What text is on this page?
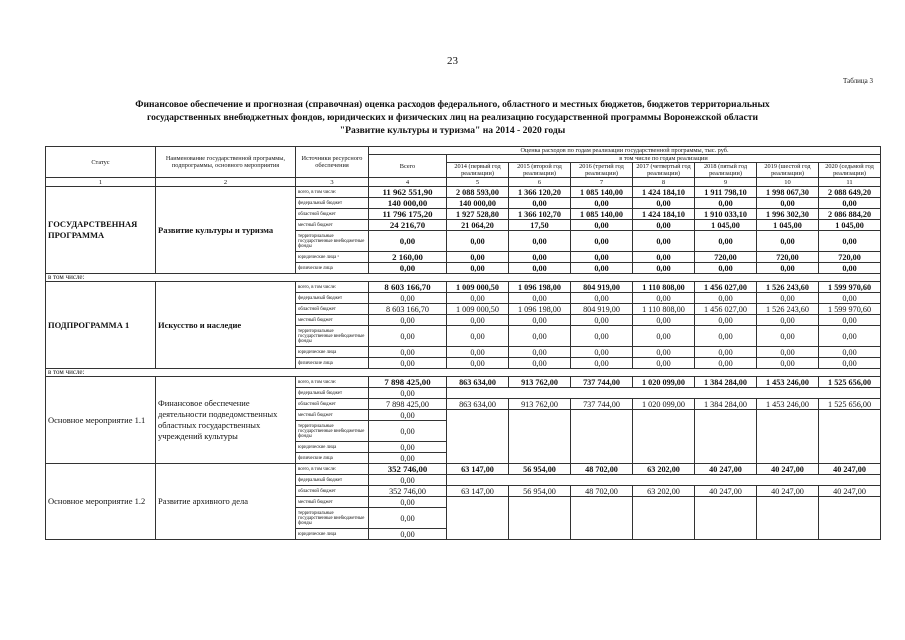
23
Таблица 3
Финансовое обеспечение и прогнозная (справочная) оценка расходов федерального, областного и местных бюджетов, бюджетов территориальных
государственных внебюджетных фондов, юридических и физических лиц на реализацию государственной программы Воронежской области
"Развитие культуры и туризма" на 2014 - 2020 годы
Статус	Наименование государственной программы, подпрограммы, основного мероприятия	Источники ресурсного обеспечения	Оценка расходов по годам реализации государственной программы, тыс. руб.							
			Всего	в том числе по годам реализации						
				2014 (первый год реализации)	2015 (второй год реализации)	2016 (третий год реализации)	2017 (четвертый год реализации)	2018 (пятый год реализации)	2019 (шестой год реализации)	2020 (седьмой год реализации)
1	2	3	4	5	6	7	8	9	10	11
ГОСУДАРСТВЕННАЯ ПРОГРАММА	Развитие культуры и туризма	всего, в том числе:	11 962 551,90	2 088 593,00	1 366 120,20	1 085 140,00	1 424 184,10	1 911 798,10	1 998 067,30	2 088 649,20
		федеральный бюджет	140 000,00	140 000,00	0,00	0,00	0,00	0,00	0,00	0,00
		областной бюджет	11 796 175,20	1 927 528,80	1 366 102,70	1 085 140,00	1 424 184,10	1 910 033,10	1 996 302,30	2 086 884,20
		местный бюджет	24 216,70	21 064,20	17,50	0,00	0,00	1 045,00	1 045,00	1 045,00
		территориальные государственные внебюджетные фонды	0,00	0,00	0,00	0,00	0,00	0,00	0,00	0,00
		юридические лица ¹	2 160,00	0,00	0,00	0,00	0,00	720,00	720,00	720,00
		физические лица	0,00	0,00	0,00	0,00	0,00	0,00	0,00	0,00
в том числе:										
ПОДПРОГРАММА 1	Искусство и наследие	всего, в том числе:	8 603 166,70	1 009 000,50	1 096 198,00	804 919,00	1 110 808,00	1 456 027,00	1 526 243,60	1 599 970,60
		федеральный бюджет	0,00	0,00	0,00	0,00	0,00	0,00	0,00	0,00
		областной бюджет	8 603 166,70	1 009 000,50	1 096 198,00	804 919,00	1 110 808,00	1 456 027,00	1 526 243,60	1 599 970,60
		местный бюджет	0,00	0,00	0,00	0,00	0,00	0,00	0,00	0,00
		территориальные государственные внебюджетные фонды	0,00	0,00	0,00	0,00	0,00	0,00	0,00	0,00
		юридические лица	0,00	0,00	0,00	0,00	0,00	0,00	0,00	0,00
		физические лица	0,00	0,00	0,00	0,00	0,00	0,00	0,00	0,00
в том числе:										
Основное мероприятие 1.1	Финансовое обеспечение деятельности подведомственных областных государственных учреждений культуры	всего, в том числе:	7 898 425,00	863 634,00	913 762,00	737 744,00	1 020 099,00	1 384 284,00	1 453 246,00	1 525 656,00
		федеральный бюджет	0,00							
		областной бюджет	7 898 425,00	863 634,00	913 762,00	737 744,00	1 020 099,00	1 384 284,00	1 453 246,00	1 525 656,00
		местный бюджет	0,00							
		территориальные государственные внебюджетные фонды	0,00							
		юридические лица	0,00							
		физические лица	0,00							
Основное мероприятие 1.2	Развитие архивного дела	всего, в том числе:	352 746,00	63 147,00	56 954,00	48 702,00	63 202,00	40 247,00	40 247,00	40 247,00
		федеральный бюджет	0,00							
		областной бюджет	352 746,00	63 147,00	56 954,00	48 702,00	63 202,00	40 247,00	40 247,00	40 247,00
		местный бюджет	0,00							
		территориальные государственные внебюджетные фонды	0,00							
		юридические лица	0,00							
